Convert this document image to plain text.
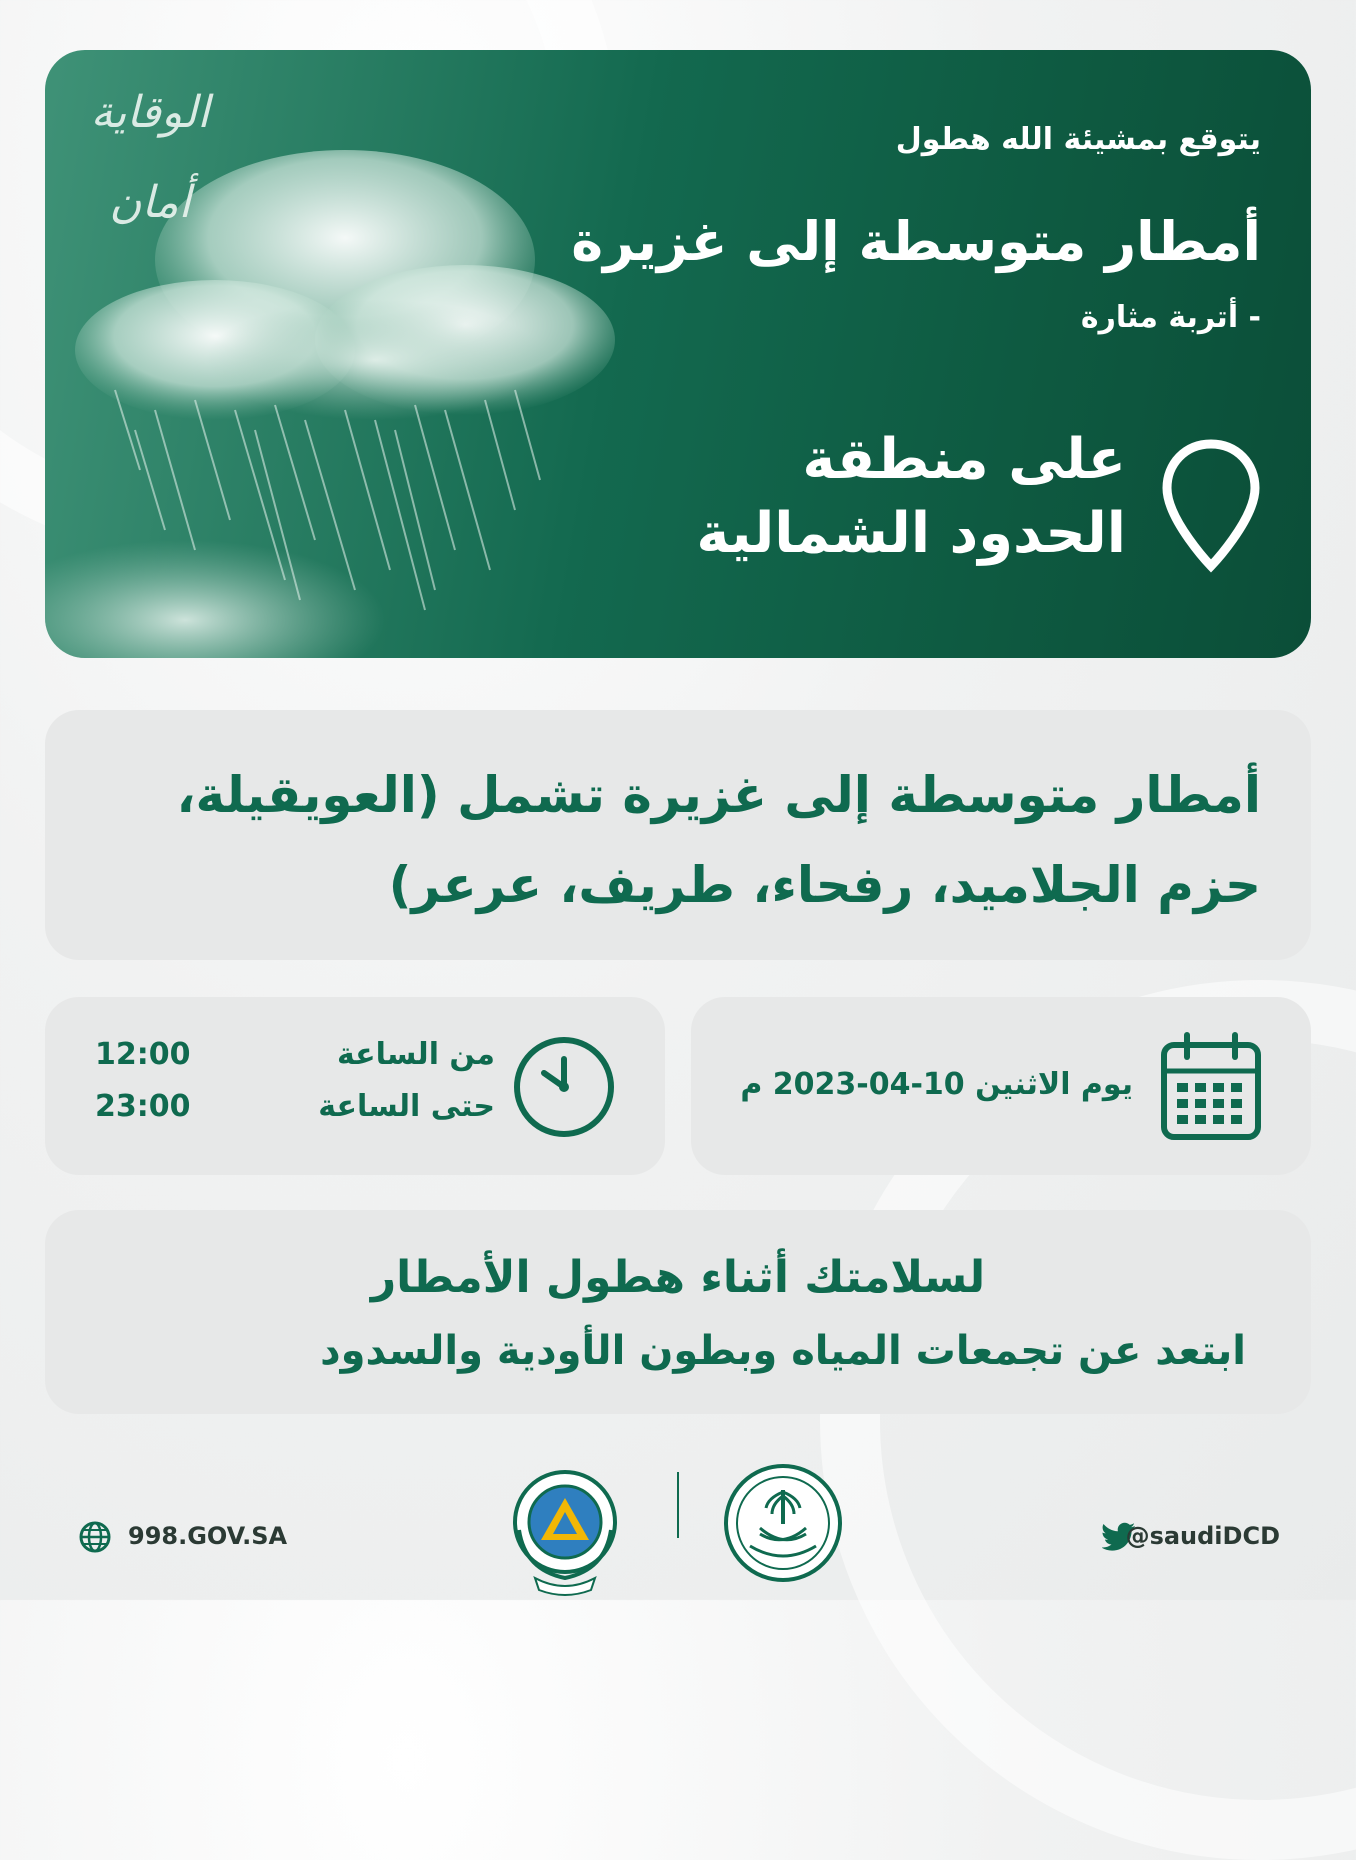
الوقاية أمان
يتوقع بمشيئة الله هطول
أمطار متوسطة إلى غزيرة
- أتربة مثارة
على منطقة
الحدود الشمالية
أمطار متوسطة إلى غزيرة تشمل (العويقيلة،
حزم الجلاميد، رفحاء، طريف، عرعر)
من الساعة
12:00
حتى الساعة
23:00
يوم الاثنين 10-04-2023 م
لسلامتك أثناء هطول الأمطار
ابتعد عن تجمعات المياه وبطون الأودية والسدود
998.GOV.SA	@saudiDCD
